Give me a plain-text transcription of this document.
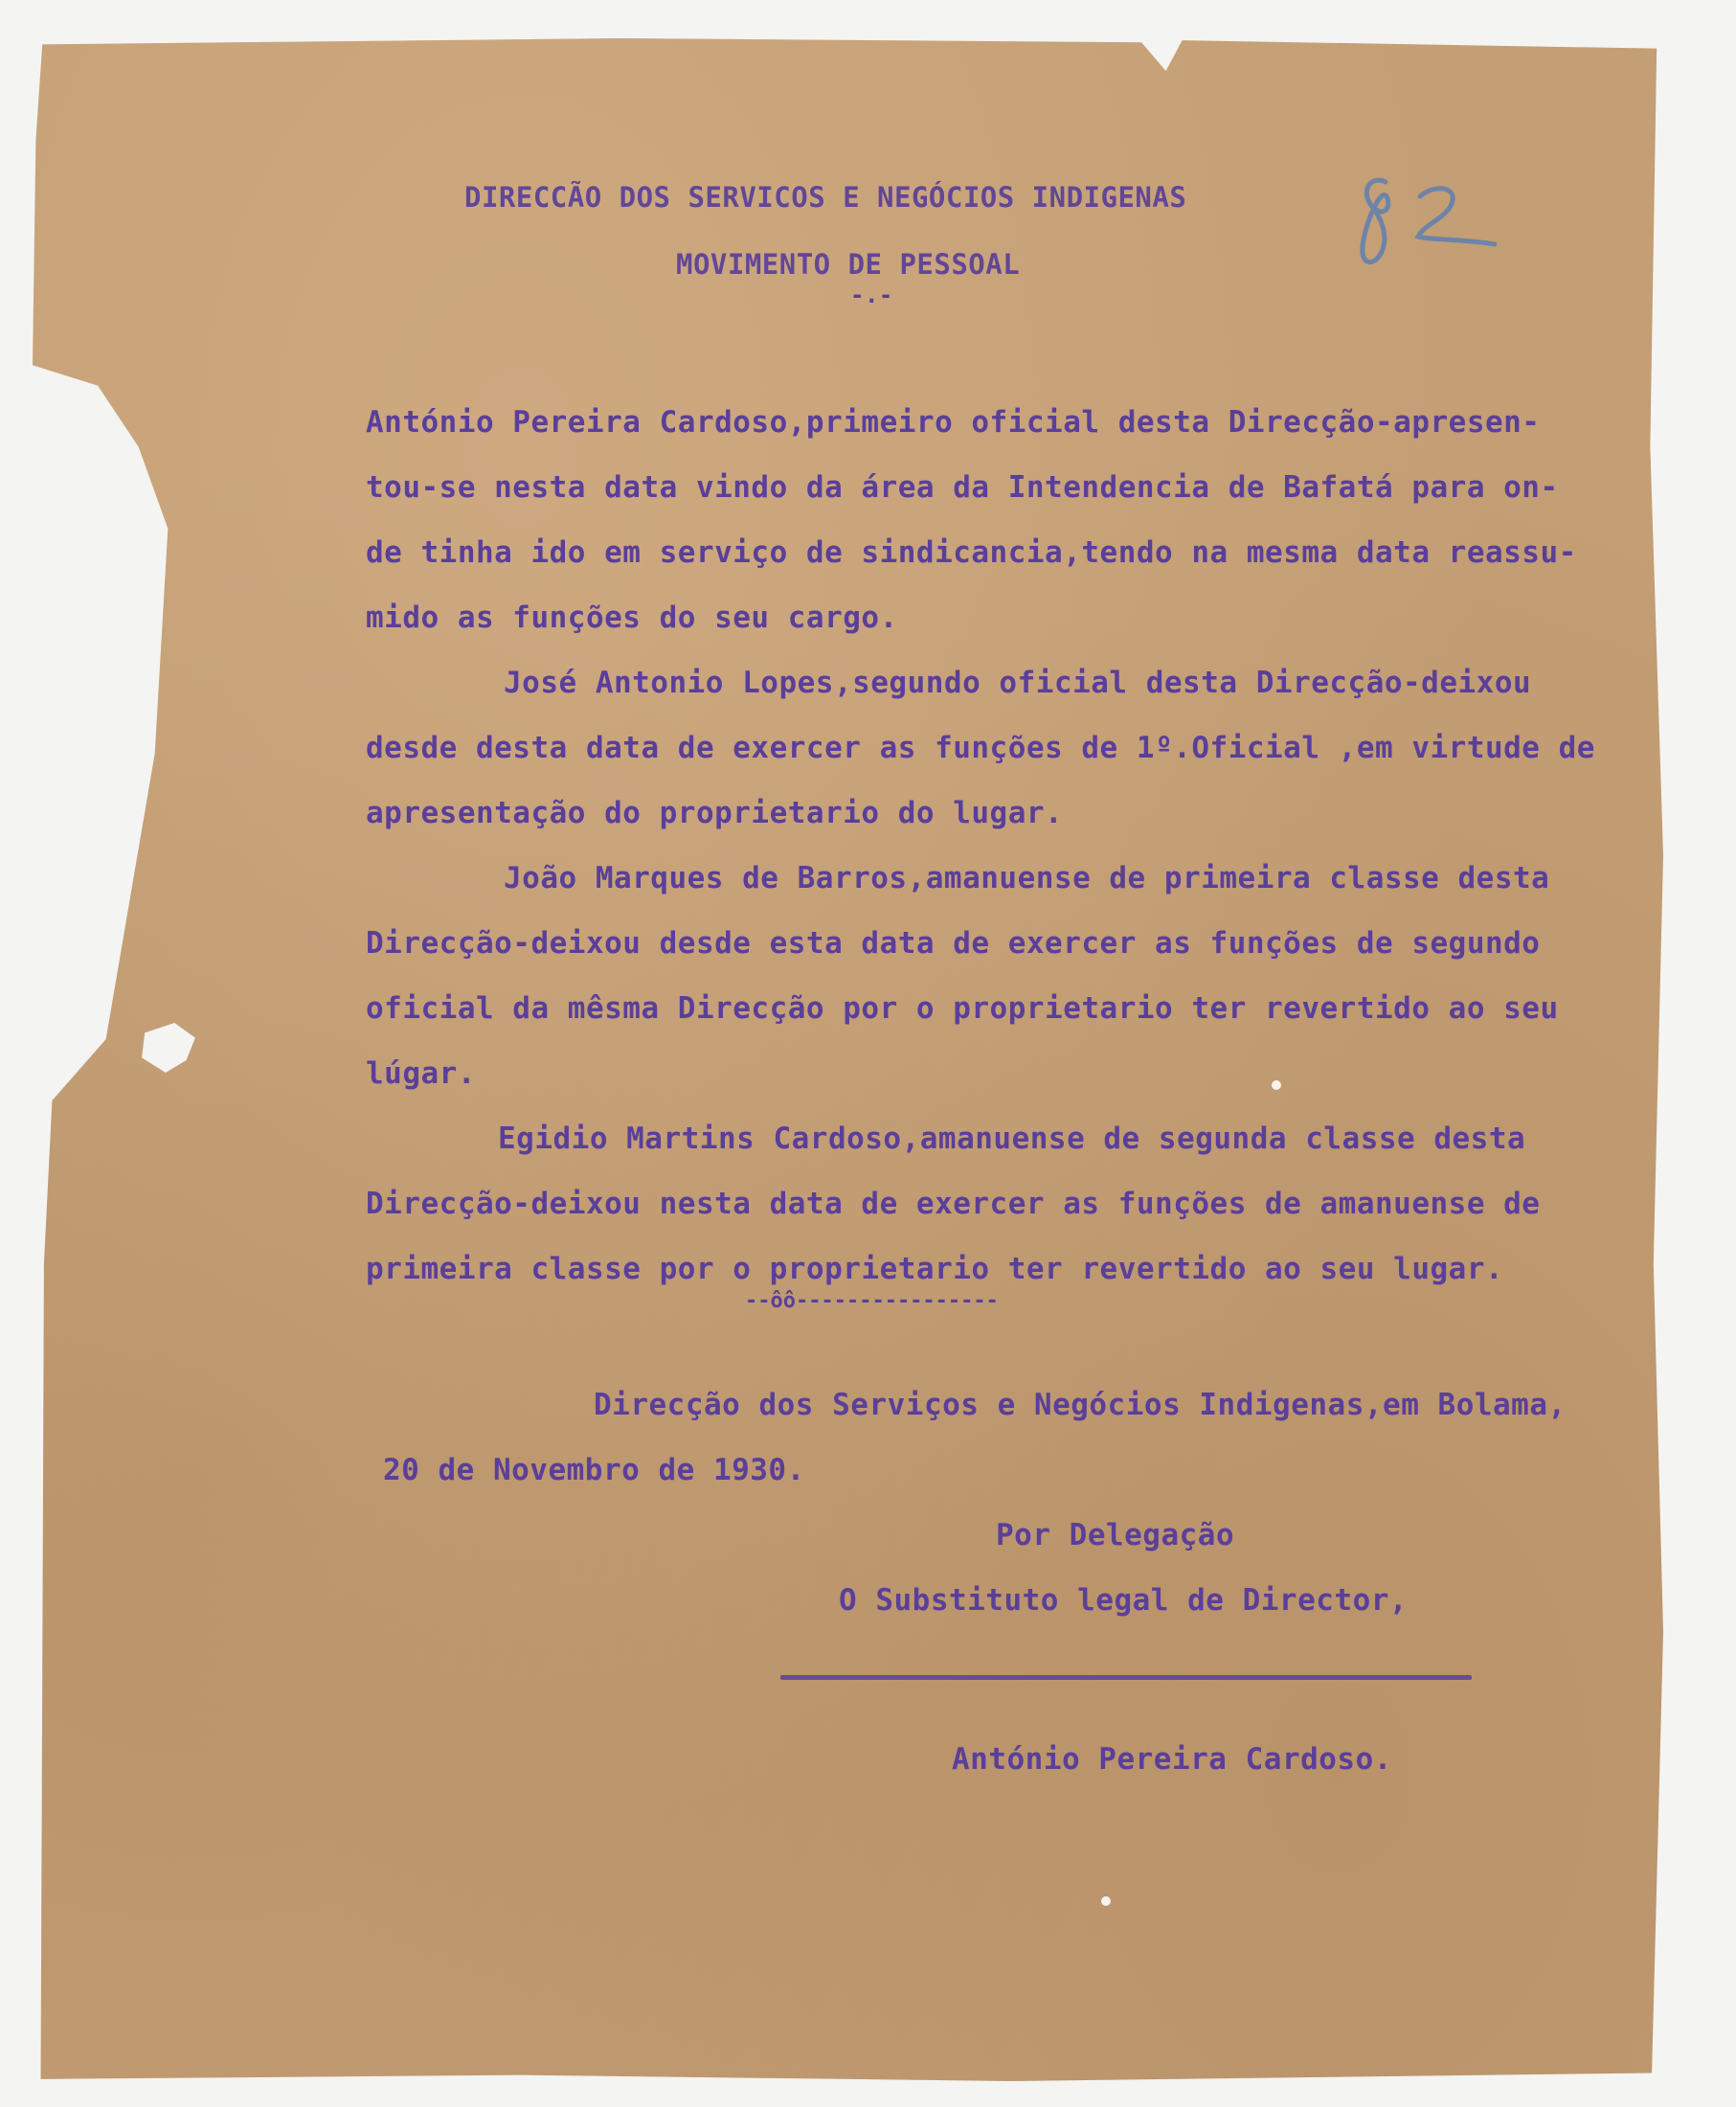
DIRECCÃO DOS SERVICOS E NEGÓCIOS INDIGENAS
MOVIMENTO DE PESSOAL
-.-
António Pereira Cardoso,primeiro oficial desta Direcção-apresen-
tou-se nesta data vindo da área da Intendencia de Bafatá para on-
de tinha ido em serviço de sindicancia,tendo na mesma data reassu-
mido as funções do seu cargo.
José Antonio Lopes,segundo oficial desta Direcção-deixou
desde desta data de exercer as funções de 1º.Oficial ,em virtude de
apresentação do proprietario do lugar.
João Marques de Barros,amanuense de primeira classe desta
Direcção-deixou desde esta data de exercer as funções de segundo
oficial da mêsma Direcção por o proprietario ter revertido ao seu
lúgar.
Egidio Martins Cardoso,amanuense de segunda classe desta
Direcção-deixou nesta data de exercer as funções de amanuense de
primeira classe por o proprietario ter revertido ao seu lugar.
--ôô----------------
Direcção dos Serviços e Negócios Indigenas,em Bolama,
20 de Novembro de 1930.
Por Delegação
O Substituto legal de Director,
António Pereira Cardoso.
